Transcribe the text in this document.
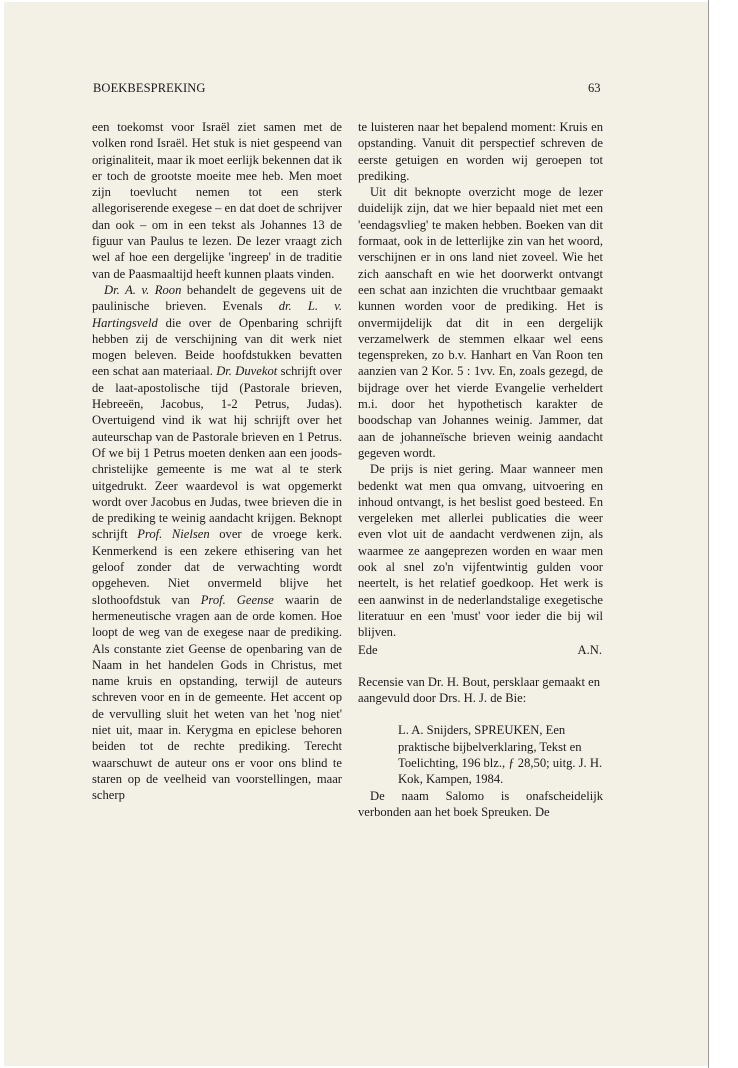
BOEKBESPREKING	63

een toekomst voor Israël ziet samen met de volken rond Israël. Het stuk is niet gespeend van originaliteit, maar ik moet eerlijk bekennen dat ik er toch de grootste moeite mee heb. Men moet zijn toevlucht nemen tot een sterk allegoriserende exegese – en dat doet de schrijver dan ook – om in een tekst als Johannes 13 de figuur van Paulus te lezen. De lezer vraagt zich wel af hoe een dergelijke 'ingreep' in de traditie van de Paasmaaltijd heeft kunnen plaats vinden.

Dr. A. v. Roon behandelt de gegevens uit de paulinische brieven. Evenals dr. L. v. Hartingsveld die over de Openbaring schrijft hebben zij de verschijning van dit werk niet mogen beleven. Beide hoofdstukken bevatten een schat aan materiaal. Dr. Duvekot schrijft over de laat-apostolische tijd (Pastorale brieven, Hebreeën, Jacobus, 1-2 Petrus, Judas). Overtuigend vind ik wat hij schrijft over het auteurschap van de Pastorale brieven en 1 Petrus. Of we bij 1 Petrus moeten denken aan een joods-christelijke gemeente is me wat al te sterk uitgedrukt. Zeer waardevol is wat opgemerkt wordt over Jacobus en Judas, twee brieven die in de prediking te weinig aandacht krijgen. Beknopt schrijft Prof. Nielsen over de vroege kerk. Kenmerkend is een zekere ethisering van het geloof zonder dat de verwachting wordt opgeheven. Niet onvermeld blijve het slothoofdstuk van Prof. Geense waarin de hermeneutische vragen aan de orde komen. Hoe loopt de weg van de exegese naar de prediking. Als constante ziet Geense de openbaring van de Naam in het handelen Gods in Christus, met name kruis en opstanding, terwijl de auteurs schreven voor en in de gemeente. Het accent op de vervulling sluit het weten van het 'nog niet' niet uit, maar in. Kerygma en epiclese behoren beiden tot de rechte prediking. Terecht waarschuwt de auteur ons er voor ons blind te staren op de veelheid van voorstellingen, maar scherp

te luisteren naar het bepalend moment: Kruis en opstanding. Vanuit dit perspectief schreven de eerste getuigen en worden wij geroepen tot prediking.

Uit dit beknopte overzicht moge de lezer duidelijk zijn, dat we hier bepaald niet met een 'eendagsvlieg' te maken hebben. Boeken van dit formaat, ook in de letterlijke zin van het woord, verschijnen er in ons land niet zoveel. Wie het zich aanschaft en wie het doorwerkt ontvangt een schat aan inzichten die vruchtbaar gemaakt kunnen worden voor de prediking. Het is onvermijdelijk dat dit in een dergelijk verzamelwerk de stemmen elkaar wel eens tegenspreken, zo b.v. Hanhart en Van Roon ten aanzien van 2 Kor. 5 : 1vv. En, zoals gezegd, de bijdrage over het vierde Evangelie verheldert m.i. door het hypothetisch karakter de boodschap van Johannes weinig. Jammer, dat aan de johanneïsche brieven weinig aandacht gegeven wordt.

De prijs is niet gering. Maar wanneer men bedenkt wat men qua omvang, uitvoering en inhoud ontvangt, is het beslist goed besteed. En vergeleken met allerlei publicaties die weer even vlot uit de aandacht verdwenen zijn, als waarmee ze aangeprezen worden en waar men ook al snel zo'n vijfentwintig gulden voor neertelt, is het relatief goedkoop. Het werk is een aanwinst in de nederlandstalige exegetische literatuur en een 'must' voor ieder die bij wil blijven.

Ede	A.N.

Recensie van Dr. H. Bout, persklaar gemaakt en aangevuld door Drs. H. J. de Bie:

L. A. Snijders, SPREUKEN, Een praktische bijbelverklaring, Tekst en Toelichting, 196 blz., ƒ 28,50; uitg. J. H. Kok, Kampen, 1984.

De naam Salomo is onafscheidelijk verbonden aan het boek Spreuken. De
